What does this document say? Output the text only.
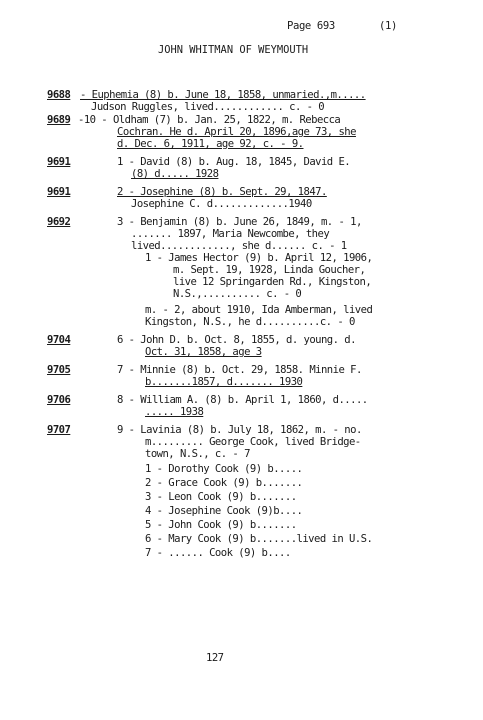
Page 693	(1)
JOHN WHITMAN OF WEYMOUTH
9688 - Euphemia (8) b. June 18, 1858, unmaried.,m.....
Judson Ruggles, lived............ c. - 0
9689 -10 - Oldham (7) b. Jan. 25, 1822, m. Rebecca
Cochran. He d. April 20, 1896,age 73, she
d. Dec. 6, 1911, age 92, c. - 9.
9691	1 - David (8) b. Aug. 18, 1845, David E.
(8) d..... 1928
9691	2 - Josephine (8) b. Sept. 29, 1847.
Josephine C. d.............1940
9692	3 - Benjamin (8) b. June 26, 1849, m. - 1,
....... 1897, Maria Newcombe, they
lived............, she d...... c. - 1
1 - James Hector (9) b. April 12, 1906,
m. Sept. 19, 1928, Linda Goucher,
live 12 Springarden Rd., Kingston,
N.S.,.......... c. - 0
m. - 2, about 1910, Ida Amberman, lived
Kingston, N.S., he d..........c. - 0
9704	6 - John D. b. Oct. 8, 1855, d. young. d.
Oct. 31, 1858, age 3
9705	7 - Minnie (8) b. Oct. 29, 1858. Minnie F.
b.......1857, d....... 1930
9706	8 - William A. (8) b. April 1, 1860, d.....
..... 1938
9707	9 - Lavinia (8) b. July 18, 1862, m. - no.
m......... George Cook, lived Bridge-
town, N.S., c. - 7
1 - Dorothy Cook (9) b.....
2 - Grace Cook (9) b.......
3 - Leon Cook (9) b.......
4 - Josephine Cook (9)b....
5 - John Cook (9) b.......
6 - Mary Cook (9) b.......lived in U.S.
7 - ...... Cook (9) b....
127
